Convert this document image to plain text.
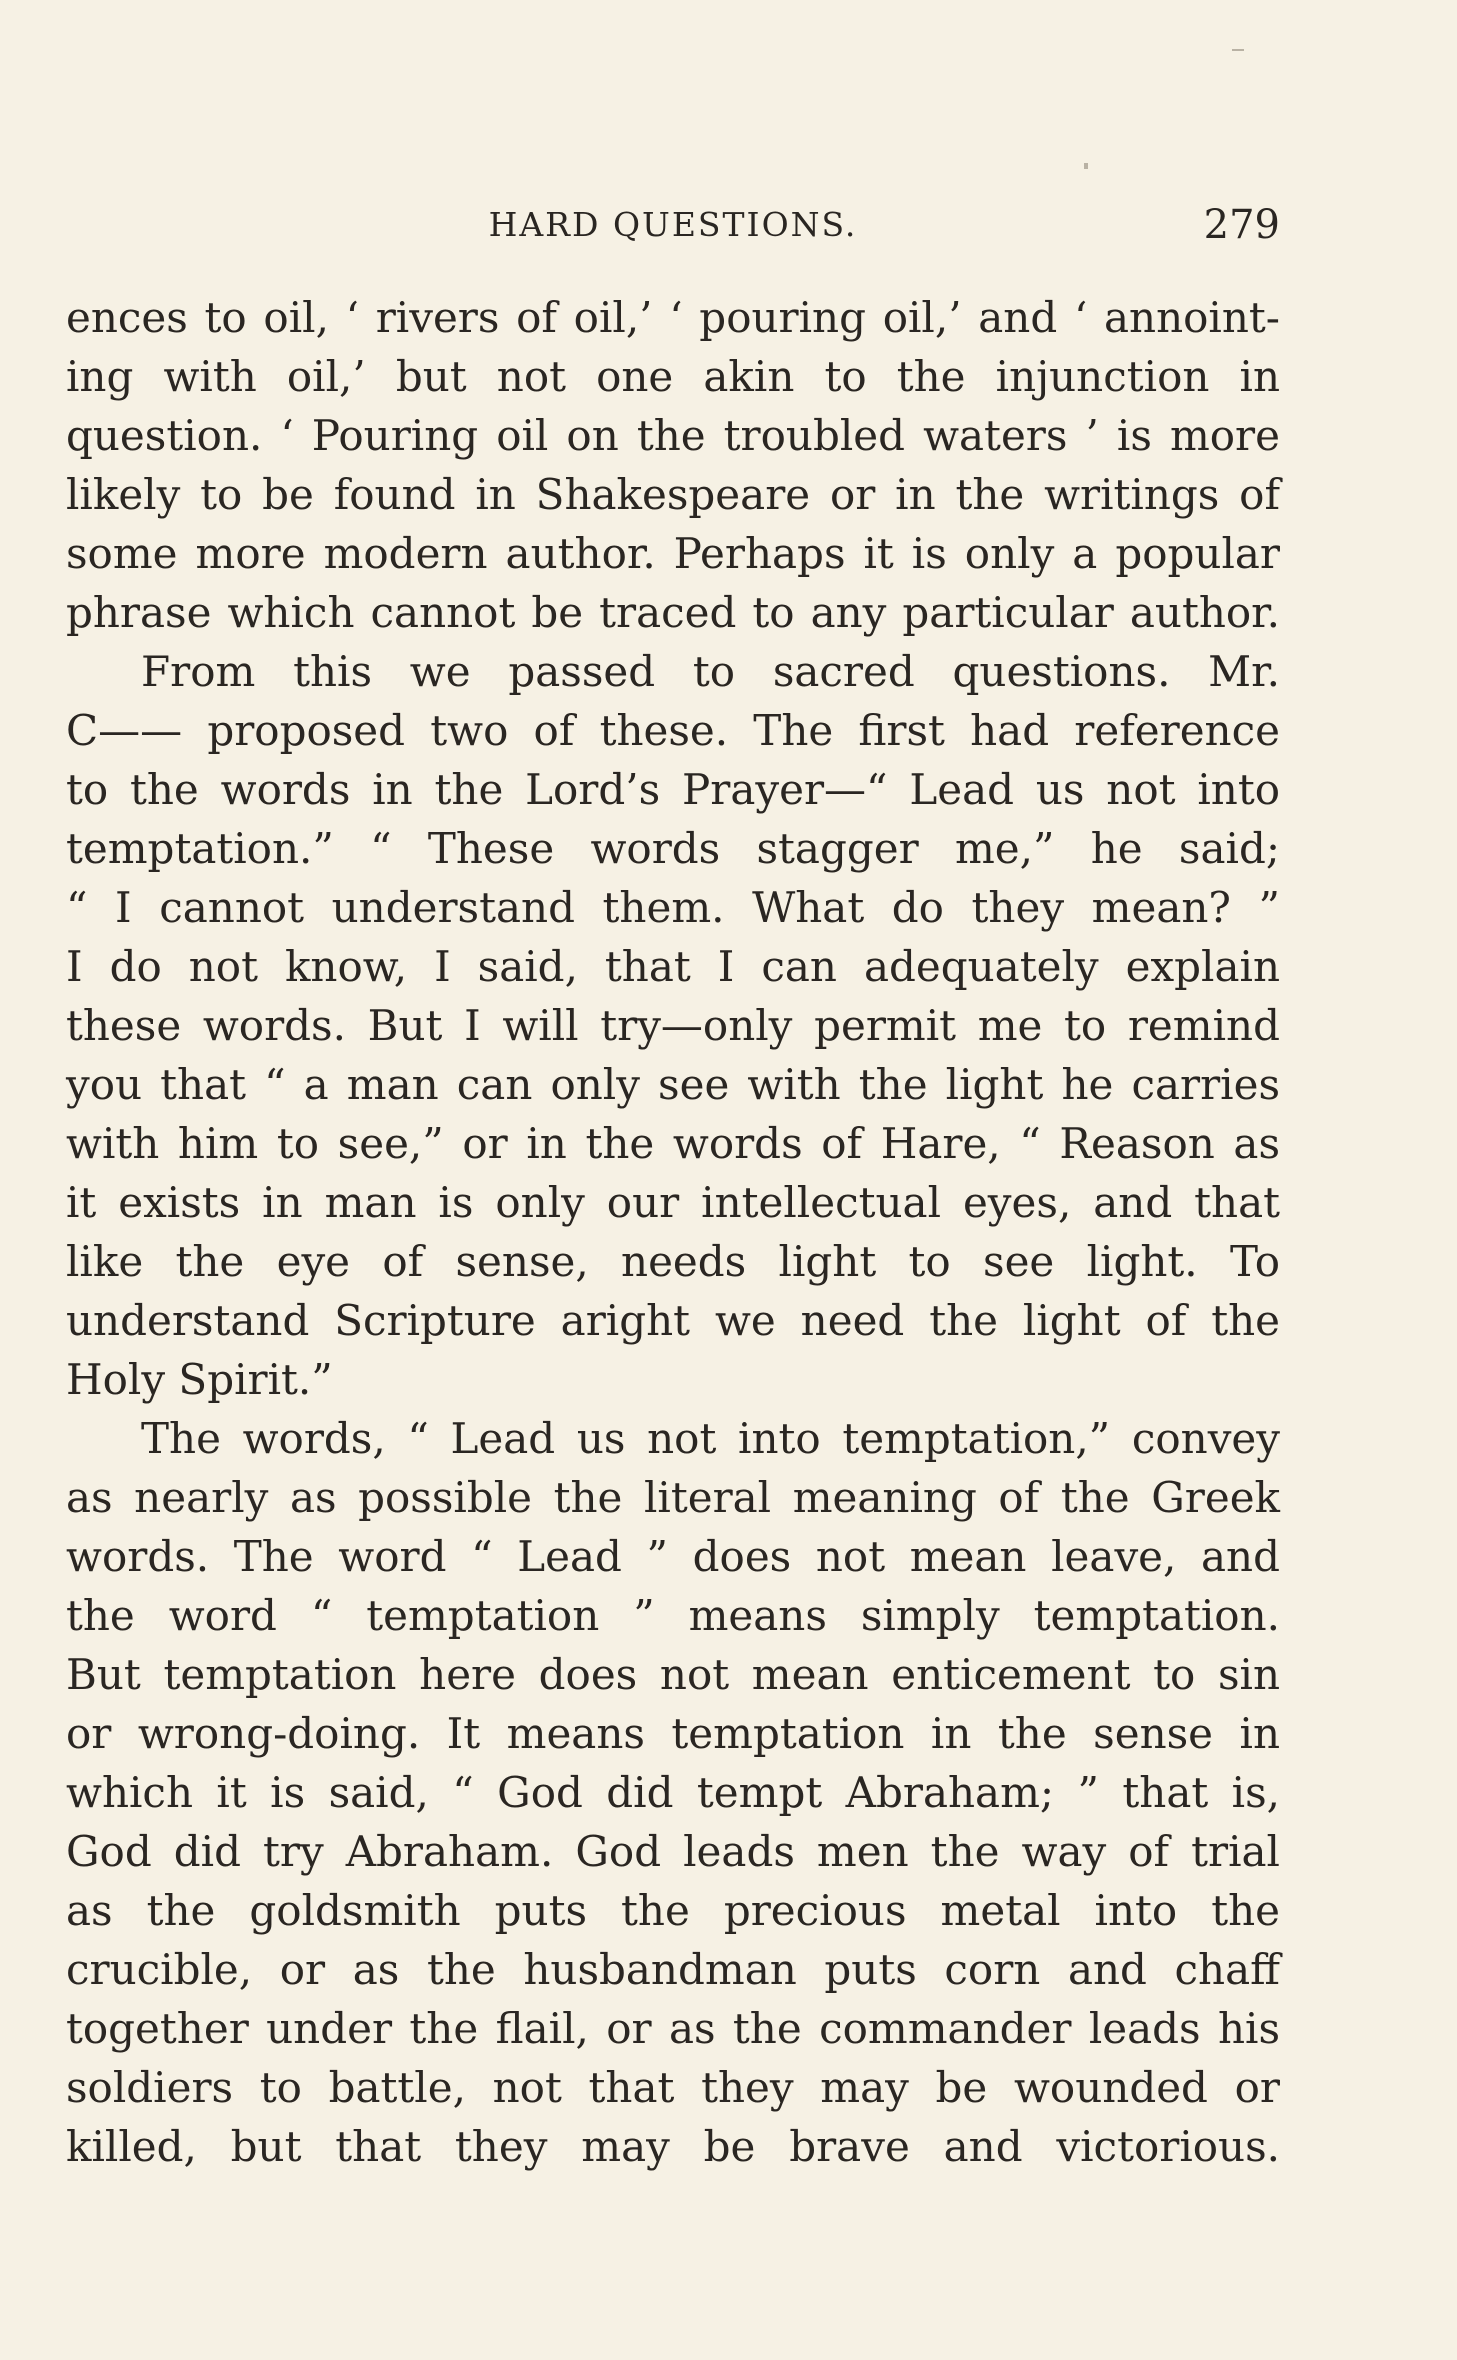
HARD QUESTIONS.	279
ences to oil, ‘ rivers of oil,’ ‘ pouring oil,’ and ‘ annoint-
ing with oil,’ but not one akin to the injunction in
question. ‘ Pouring oil on the troubled waters ’ is more
likely to be found in Shakespeare or in the writings of
some more modern author. Perhaps it is only a popular
phrase which cannot be traced to any particular author.
From this we passed to sacred questions. Mr.
C—— proposed two of these. The first had reference
to the words in the Lord’s Prayer—“ Lead us not into
temptation.” “ These words stagger me,” he said;
“ I cannot understand them. What do they mean? ”
I do not know, I said, that I can adequately explain
these words. But I will try—only permit me to remind
you that “ a man can only see with the light he carries
with him to see,” or in the words of Hare, “ Reason as
it exists in man is only our intellectual eyes, and that
like the eye of sense, needs light to see light. To
understand Scripture aright we need the light of the
Holy Spirit.”
The words, “ Lead us not into temptation,” convey
as nearly as possible the literal meaning of the Greek
words. The word “ Lead ” does not mean leave, and
the word “ temptation ” means simply temptation.
But temptation here does not mean enticement to sin
or wrong-doing. It means temptation in the sense in
which it is said, “ God did tempt Abraham; ” that is,
God did try Abraham. God leads men the way of trial
as the goldsmith puts the precious metal into the
crucible, or as the husbandman puts corn and chaff
together under the flail, or as the commander leads his
soldiers to battle, not that they may be wounded or
killed, but that they may be brave and victorious.
